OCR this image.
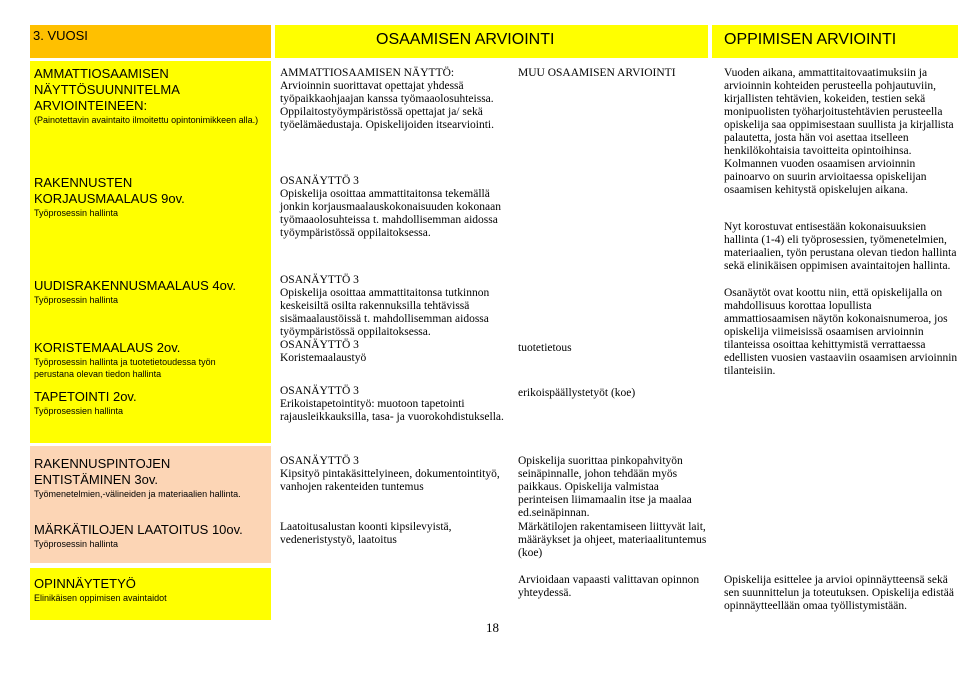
3. VUOSI	OSAAMISEN ARVIOINTI	OPPIMISEN ARVIOINTI
AMMATTIOSAAMISEN NÄYTTÖSUUNNITELMA ARVIOINTEINEEN:
(Painotettavin avaintaito ilmoitettu opintonimikkeen alla.)
RAKENNUSTEN KORJAUSMAALAUS 9ov.
Työprosessin hallinta
UUDISRAKENNUSMAALAUS 4ov.
Työprosessin hallinta
KORISTEMAALAUS 2ov.
Työprosessin hallinta ja tuotetietoudessa työn perustana olevan tiedon hallinta
TAPETOINTI 2ov.
Työprosessien hallinta
RAKENNUSPINTOJEN ENTISTÄMINEN 3ov.
Työmenetelmien,-välineiden ja materiaalien hallinta.
MÄRKÄTILOJEN LAATOITUS 10ov.
Työprosessin hallinta
OPINNÄYTETYÖ
Elinikäisen oppimisen avaintaidot
AMMATTIOSAAMISEN NÄYTTÖ: Arvioinnin suorittavat opettajat yhdessä työpaikkaohjaajan kanssa työmaaolosuhteissa. Oppilaitostyöympäristössä opettajat ja/ sekä työelämäedustaja. Opiskelijoiden itsearviointi.

OSANÄYTTÖ 3

Opiskelija osoittaa ammattitaitonsa tekemällä jonkin korjausmaalauskokonaisuuden kokonaan työmaaolosuhteissa t. mahdollisemman aidossa työympäristössä oppilaitoksessa.

OSANÄYTTÖ 3

Opiskelija osoittaa ammattitaitonsa tutkinnon keskeisiltä osilta rakennuksilla tehtävissä sisämaalaustöissä t. mahdollisemman aidossa työympäristössä oppilaitoksessa.

OSANÄYTTÖ 3

Koristemaalaustyö

OSANÄYTTÖ 3

Erikoistapetointityö: muotoon tapetointi rajausleikkauksilla, tasa- ja vuorokohdistuksella.

OSANÄYTTÖ 3

Kipsityö pintakäsittelyineen, dokumentointityö, vanhojen rakenteiden tuntemus

Laatoitusalustan koonti kipsilevyistä, vedeneristystyö, laatoitus
MUU OSAAMISEN ARVIOINTI
tuotetietous
erikoispäällystetyöt (koe)
Opiskelija suorittaa pinkopahvityön seinäpinnalle, johon tehdään myös paikkaus. Opiskelija valmistaa perinteisen liimamaalin itse ja maalaa ed.seinäpinnan.
Märkätilojen rakentamiseen liittyvät lait, määräykset ja ohjeet, materiaalituntemus (koe)
Arvioidaan vapaasti valittavan opinnon yhteydessä.

Vuoden aikana, ammattitaitovaatimuksiin ja arvioinnin kohteiden perusteella pohjautuviin, kirjallisten tehtävien, kokeiden, testien sekä monipuolisten työharjoitustehtävien perusteella opiskelija saa oppimisestaan suullista ja kirjallista palautetta, josta hän voi asettaa itselleen henkilökohtaisia tavoitteita opintoihinsa.

Kolmannen vuoden osaamisen arvioinnin painoarvo on suurin arvioitaessa opiskelijan osaamisen kehitystä opiskelujen aikana.

Nyt korostuvat entisestään kokonaisuuksien hallinta (1-4) eli työprosessien, työmenetelmien, materiaalien, työn perustana olevan tiedon hallinta sekä elinikäisen oppimisen avaintaitojen hallinta.

Osanäytöt ovat koottu niin, että opiskelijalla on mahdollisuus korottaa lopullista ammattiosaamisen näytön kokonaisnumeroa, jos opiskelija viimeisissä osaamisen arvioinnin tilanteissa osoittaa kehittymistä verrattaessa edellisten vuosien vastaaviin osaamisen arvioinnin tilanteisiin.

Opiskelija esittelee ja arvioi opinnäytteensä sekä sen suunnittelun ja toteutuksen. Opiskelija edistää opinnäytteellään omaa työllistymistään.
18
